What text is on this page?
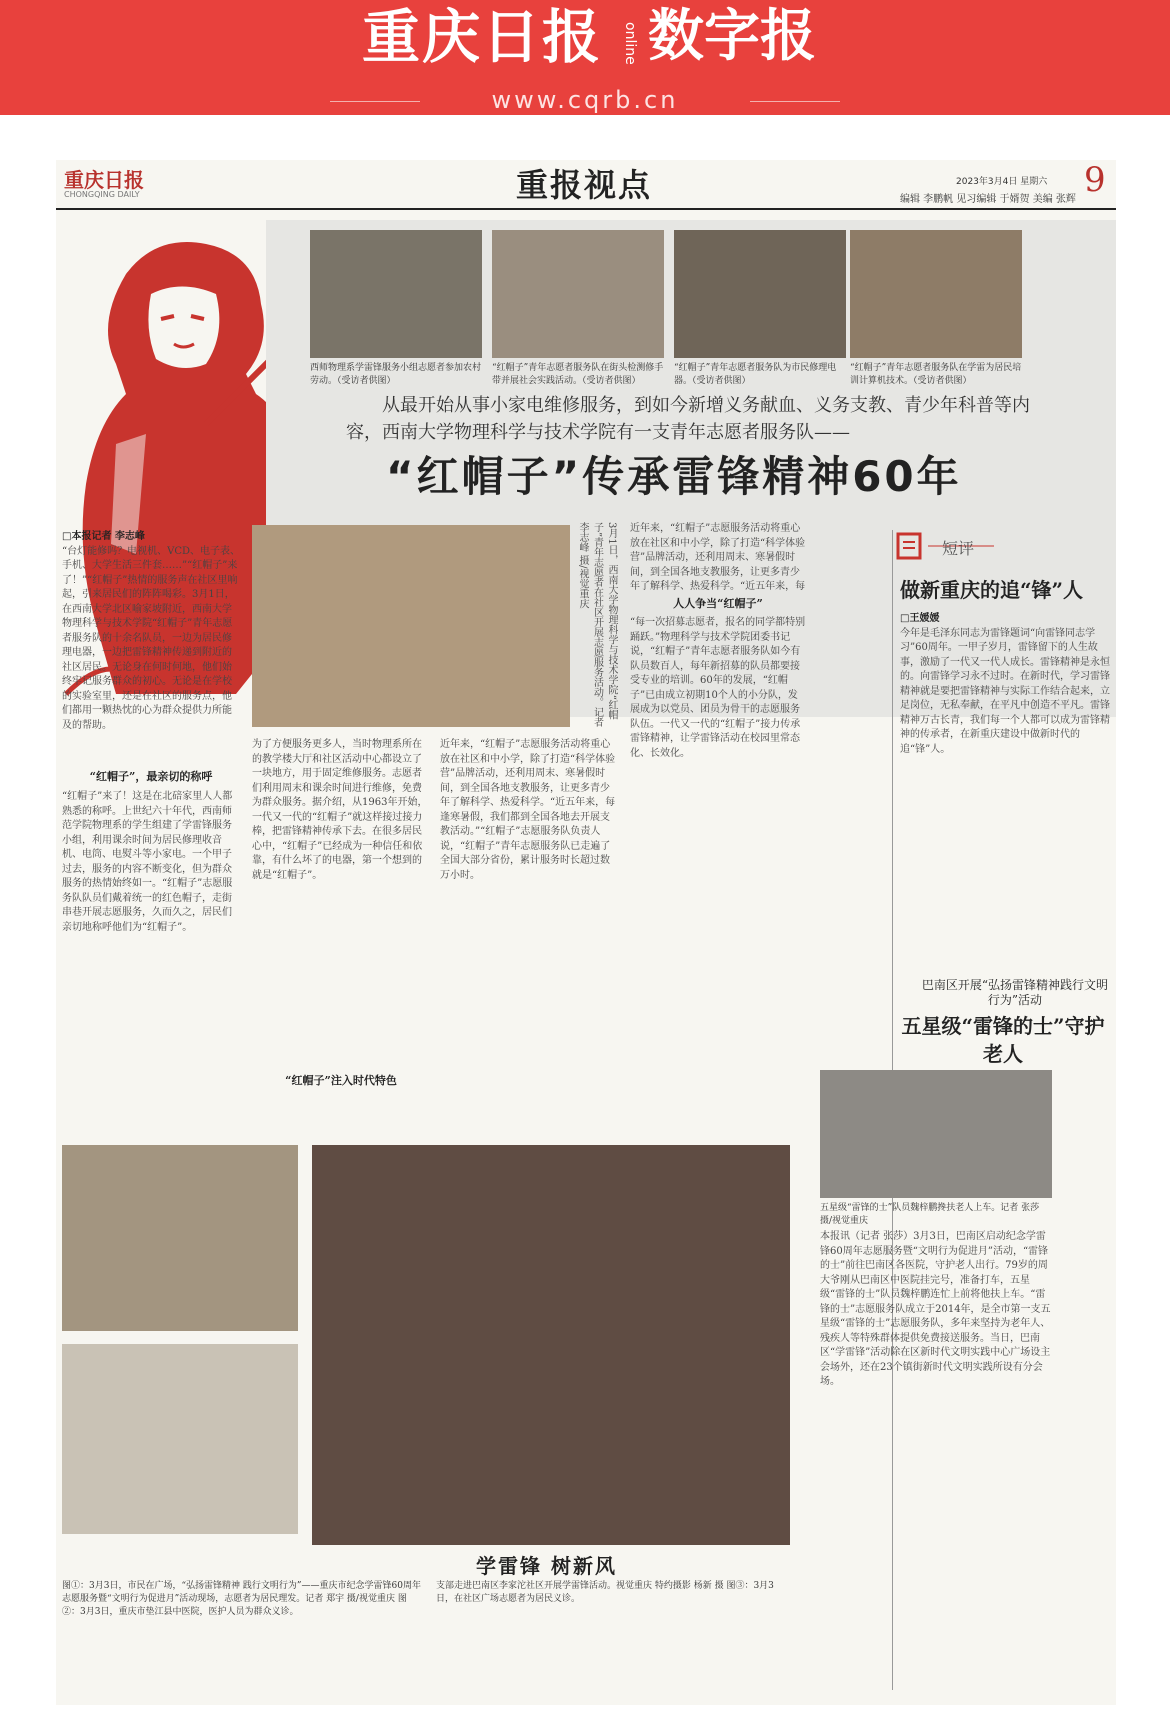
重庆日报 online 数字报
www.cqrb.cn
重庆日报
CHONGQING DAILY	重报视点	2023年3月4日 星期六 9
编辑 李鹏帆 见习编辑 于婿贺 美编 张辉
西师物理系学雷锋服务小组志愿者参加农村劳动。（受访者供图）
“红帽子”青年志愿者服务队在街头检测修手带并展社会实践活动。（受访者供图）
“红帽子”青年志愿者服务队为市民修理电器。（受访者供图）
“红帽子”青年志愿者服务队在学雷为居民培训计算机技术。（受访者供图）
从最开始从事小家电维修服务，到如今新增义务献血、义务支教、青少年科普等内容，西南大学物理科学与技术学院有一支青年志愿者服务队——
“红帽子”传承雷锋精神60年
□本报记者 李志峰
“台灯能修吗？电视机、VCD、电子表、手机、大学生活三件套……”“红帽子”来了！”“红帽子”热情的服务声在社区里响起，引来居民们的阵阵喝彩。3月1日，在西南大学北区喻家坡附近，西南大学物理科学与技术学院“红帽子”青年志愿者服务队的十余名队员，一边为居民修理电器，一边把雷锋精神传递到附近的社区居民。无论身在何时何地，他们始终牢记服务群众的初心。无论是在学校的实验室里，还是在社区的服务点，他们都用一颗热忱的心为群众提供力所能及的帮助。
“红帽子”，最亲切的称呼
“红帽子”来了！这是在北碚家里人人都熟悉的称呼。上世纪六十年代，西南师范学院物理系的学生组建了学雷锋服务小组，利用课余时间为居民修理收音机、电筒、电熨斗等小家电。一个甲子过去，服务的内容不断变化，但为群众服务的热情始终如一。“红帽子”志愿服务队队员们戴着统一的红色帽子，走街串巷开展志愿服务，久而久之，居民们亲切地称呼他们为“红帽子”。
3月1日，西南大学物理科学与技术学院“红帽子”青年志愿者在社区开展志愿服务活动。记者 李志峰 摄/视觉重庆
为了方便服务更多人，当时物理系所在的教学楼大厅和社区活动中心都设立了一块地方，用于固定维修服务。志愿者们利用周末和课余时间进行维修，免费为群众服务。据介绍，从1963年开始，一代又一代的“红帽子”就这样接过接力棒，把雷锋精神传承下去。在很多居民心中，“红帽子”已经成为一种信任和依靠，有什么坏了的电器，第一个想到的就是“红帽子”。
“红帽子”注入时代特色
近年来，“红帽子”志愿服务活动将重心放在社区和中小学，除了打造“科学体验营”品牌活动，还利用周末、寒暑假时间，到全国各地支教服务，让更多青少年了解科学、热爱科学。“近五年来，每逢寒暑假，我们都到全国各地去开展支教活动。”“红帽子”志愿服务队负责人说，“红帽子”青年志愿服务队已走遍了全国大部分省份，累计服务时长超过数万小时。
近年来，“红帽子”志愿服务活动将重心放在社区和中小学，除了打造“科学体验营”品牌活动，还利用周末、寒暑假时间，到全国各地支教服务，让更多青少年了解科学、热爱科学。“近五年来，每
人人争当“红帽子”
“每一次招募志愿者，报名的同学都特别踊跃。”物理科学与技术学院团委书记说，“红帽子”青年志愿者服务队如今有队员数百人，每年新招募的队员都要接受专业的培训。60年的发展，“红帽子”已由成立初期10个人的小分队，发展成为以党员、团员为骨干的志愿服务队伍。一代又一代的“红帽子”接力传承雷锋精神，让学雷锋活动在校园里常态化、长效化。
短评
做新重庆的追“锋”人
□王媛媛
今年是毛泽东同志为雷锋题词“向雷锋同志学习”60周年。一甲子岁月，雷锋留下的人生故事，激励了一代又一代人成长。雷锋精神是永恒的。向雷锋学习永不过时。在新时代，学习雷锋精神就是要把雷锋精神与实际工作结合起来，立足岗位，无私奉献，在平凡中创造不平凡。雷锋精神万古长青，我们每一个人都可以成为雷锋精神的传承者，在新重庆建设中做新时代的追“锋”人。
巴南区开展“弘扬雷锋精神践行文明行为”活动
五星级“雷锋的士”守护老人
五星级“雷锋的士”队员魏梓鹏搀扶老人上车。记者 张莎 摄/视觉重庆
本报讯（记者 张莎）3月3日，巴南区启动纪念学雷锋60周年志愿服务暨“文明行为促进月”活动，“雷锋的士”前往巴南区各医院，守护老人出行。79岁的周大爷刚从巴南区中医院挂完号，准备打车，五星级“雷锋的士”队员魏梓鹏连忙上前将他扶上车。“雷锋的士”志愿服务队成立于2014年，是全市第一支五星级“雷锋的士”志愿服务队，多年来坚持为老年人、残疾人等特殊群体提供免费接送服务。当日，巴南区“学雷锋”活动除在区新时代文明实践中心广场设主会场外，还在23个镇街新时代文明实践所设有分会场。
学雷锋 树新风
图①：3月3日，市民在广场，“弘扬雷锋精神 践行文明行为”——重庆市纪念学雷锋60周年志愿服务暨“文明行为促进月”活动现场，志愿者为居民理发。记者 郑宇 摄/视觉重庆 图②：3月3日，重庆市垫江县中医院，医护人员为群众义诊。
支部走进巴南区李家沱社区开展学雷锋活动。视觉重庆 特约摄影 杨新 摄 图③：3月3日，在社区广场志愿者为居民义诊。
